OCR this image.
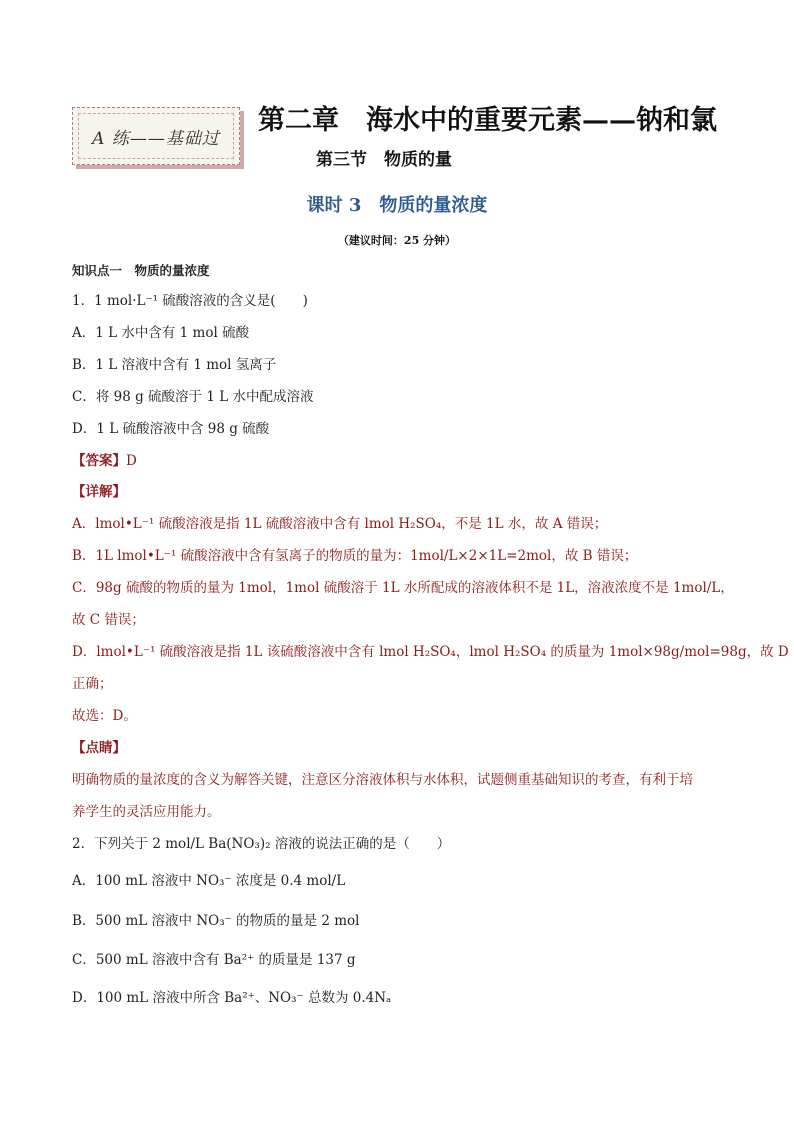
A 练——基础过
第二章　海水中的重要元素——钠和氯
第三节　物质的量
课时 3　物质的量浓度
（建议时间：25 分钟）
知识点一　物质的量浓度
1．1 mol·L⁻¹ 硫酸溶液的含义是(　　)
A．1 L 水中含有 1 mol 硫酸
B．1 L 溶液中含有 1 mol 氢离子
C．将 98 g 硫酸溶于 1 L 水中配成溶液
D．1 L 硫酸溶液中含 98 g 硫酸
【答案】D
【详解】
A．lmol•L⁻¹ 硫酸溶液是指 1L 硫酸溶液中含有 lmol H₂SO₄，不是 1L 水，故 A 错误；
B．1L lmol•L⁻¹ 硫酸溶液中含有氢离子的物质的量为：1mol/L×2×1L=2mol，故 B 错误；
C．98g 硫酸的物质的量为 1mol，1mol 硫酸溶于 1L 水所配成的溶液体积不是 1L，溶液浓度不是 1mol/L，
故 C 错误；
D．lmol•L⁻¹ 硫酸溶液是指 1L 该硫酸溶液中含有 lmol H₂SO₄，lmol H₂SO₄ 的质量为 1mol×98g/mol=98g，故 D
正确；
故选：D。
【点睛】
明确物质的量浓度的含义为解答关键，注意区分溶液体积与水体积，试题侧重基础知识的考查，有利于培
养学生的灵活应用能力。
2．下列关于 2 mol/L Ba(NO₃)₂ 溶液的说法正确的是（　　）
A．100 mL 溶液中 NO₃⁻ 浓度是 0.4 mol/L
B．500 mL 溶液中 NO₃⁻ 的物质的量是 2 mol
C．500 mL 溶液中含有 Ba²⁺ 的质量是 137 g
D．100 mL 溶液中所含 Ba²⁺、NO₃⁻ 总数为 0.4Nₐ
